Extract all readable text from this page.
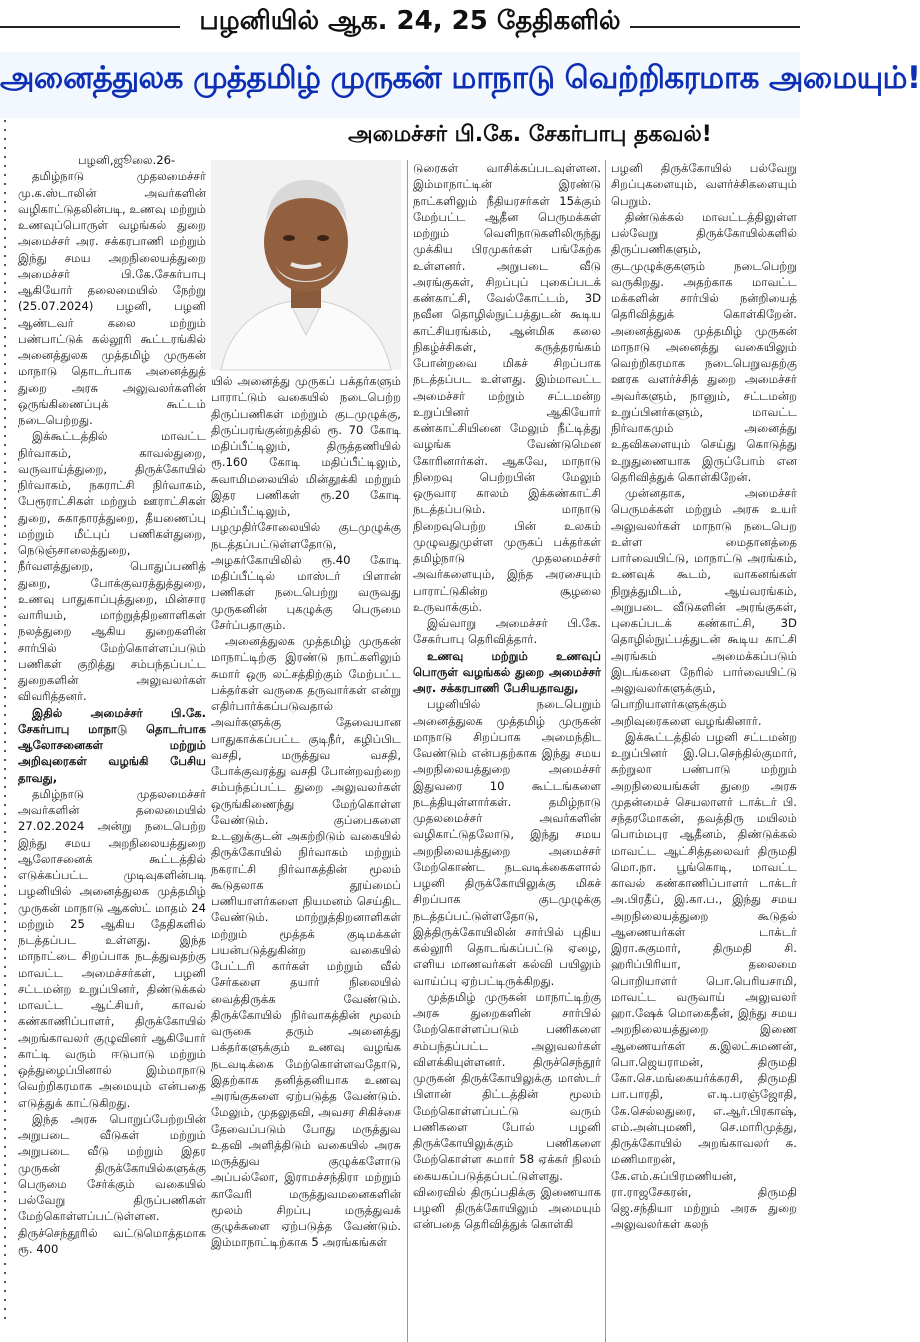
பழனியில் ஆக. 24, 25 தேதிகளில்
அனைத்துலக முத்தமிழ் முருகன் மாநாடு வெற்றிகரமாக அமையும்!
அமைச்சர் பி.கே. சேகர்பாபு தகவல்!

பழனி,ஜூலை.26-

தமிழ்நாடு முதலமைச்சர் மு.க.ஸ்டாலின் அவர்களின் வழிகாட்டுதலின்படி, உணவு மற்றும் உணவுப்பொருள் வழங்கல் துறை அமைச்சர் அர. சக்கரபாணி மற்றும் இந்து சமய அறநிலையத்துறை அமைச்சர் பி.கே.சேகர்பாபு ஆகியோர் தலைமையில் நேற்று (25.07.2024) பழனி, பழனி ஆண்டவர் கலை மற்றும் பண்பாட்டுக் கல்லூரி கூட்டரங்கில் அனைத்துலக முத்தமிழ் முருகன் மாநாடு தொடர்பாக அனைத்துத் துறை அரசு அலுவலர்களின் ஒருங்கிணைப்புக் கூட்டம் நடைபெற்றது.

இக்கூட்டத்தில் மாவட்ட நிர்வாகம், காவல்துறை, வருவாய்த்துறை, திருக்கோயில் நிர்வாகம், நகராட்சி நிர்வாகம், பேரூராட்சிகள் மற்றும் ஊராட்சிகள் துறை, சுகாதாரத்துறை, தீயணைப்பு மற்றும் மீட்புப் பணிகள்துறை, நெடுஞ்சாலைத்துறை, நீர்வளத்துறை, பொதுப்பணித் துறை, போக்குவரத்துத்துறை, உணவு பாதுகாப்புத்துறை, மின்சார வாரியம், மாற்றுத்திறனாளிகள் நலத்துறை ஆகிய துறைகளின் சார்பில் மேற்கொள்ளப்படும் பணிகள் குறித்து சம்பந்தப்பட்ட துறைகளின் அலுவலர்கள் விவரித்தனர்.

இதில் அமைச்சர் பி.கே. சேகர்பாபு மாநாடு தொடர்பாக ஆலோசனைகள் மற்றும் அறிவுரைகள் வழங்கி பேசிய தாவது,

தமிழ்நாடு முதலமைச்சர் அவர்களின் தலைமையில் 27.02.2024 அன்று நடைபெற்ற இந்து சமய அறநிலையத்துறை ஆலோசனைக் கூட்டத்தில் எடுக்கப்பட்ட முடிவுகளின்படி பழனியில் அனைத்துலக முத்தமிழ் முருகன் மாநாடு ஆகஸ்ட் மாதம் 24 மற்றும் 25 ஆகிய தேதிகளில் நடத்தப்பட உள்ளது. இந்த மாநாட்டை சிறப்பாக நடத்துவதற்கு மாவட்ட அமைச்சர்கள், பழனி சட்டமன்ற உறுப்பினர், திண்டுக்கல் மாவட்ட ஆட்சியர், காவல் கண்காணிப்பாளர், திருக்கோயில் அறங்காவலர் குழுவினர் ஆகியோர் காட்டி வரும் ஈடுபாடு மற்றும் ஒத்துழைப்பினால் இம்மாநாடு வெற்றிகரமாக அமையும் என்பதை எடுத்துக் காட்டுகிறது.

இந்த அரசு பொறுப்பேற்றபின் அறுபடை வீடுகள் மற்றும் அறுபடை வீடு மற்றும் இதர முருகன் திருக்கோயில்களுக்கு பெருமை சேர்க்கும் வகையில் பல்வேறு திருப்பணிகள் மேற்கொள்ளப்பட்டுள்ளன. திருச்செந்தூரில் வட்டுமொத்தமாக ரூ. 400

யில் அனைத்து முருகப் பக்தர்களும் பாராட்டும் வகையில் நடைபெற்ற திருப்பணிகள் மற்றும் குடமுழுக்கு, திருப்பரங்குன்றத்தில் ரூ. 70 கோடி மதிப்பீட்டிலும், திருத்தணியில் ரூ.160 கோடி மதிப்பீட்டிலும், சுவாமிமலையில் மின்தூக்கி மற்றும் இதர பணிகள் ரூ.20 கோடி மதிப்பீட்டிலும், பழமுதிர்சோலையில் குடமுழுக்கு நடத்தப்பட்டுள்ளதோடு, அழகர்கோயிலில் ரூ.40 கோடி மதிப்பீட்டில் மாஸ்டர் பிளான் பணிகள் நடைபெற்று வருவது முருகனின் புகழுக்கு பெருமை சேர்ப்பதாகும்.

அனைத்துலக முத்தமிழ் முருகன் மாநாட்டிற்கு இரண்டு நாட்களிலும் சுமார் ஒரு லட்சத்திற்கும் மேற்பட்ட பக்தர்கள் வருகை தருவார்கள் என்று எதிர்பார்க்கப்படுவதால் அவர்களுக்கு தேவையான பாதுகாக்கப்பட்ட குடிநீர், கழிப்பிட வசதி, மருத்துவ வசதி, போக்குவரத்து வசதி போன்றவற்றை சம்பந்தப்பட்ட துறை அலுவலர்கள் ஒருங்கிணைந்து மேற்கொள்ள வேண்டும். குப்பைகளை உடனுக்குடன் அகற்றிடும் வகையில் திருக்கோயில் நிர்வாகம் மற்றும் நகராட்சி நிர்வாகத்தின் மூலம் கூடுதலாக தூய்மைப் பணியாளர்களை நியமனம் செய்திட வேண்டும். மாற்றுத்திறனாளிகள் மற்றும் மூத்தக் குடிமக்கள் பயன்படுத்துகின்ற வகையில் பேட்டரி கார்கள் மற்றும் வீல் சேர்களை தயார் நிலையில் வைத்திருக்க வேண்டும். திருக்கோயில் நிர்வாகத்தின் மூலம் வருகை தரும் அனைத்து பக்தர்களுக்கும் உணவு வழங்க நடவடிக்கை மேற்கொள்ளவதோடு, இதற்காக தனித்தனியாக உணவு அரங்குகளை ஏற்படுத்த வேண்டும். மேலும், முதலுதவி, அவசர சிகிச்சை தேவைப்படும் போது மருத்துவ உதவி அளித்திடும் வகையில் அரசு மருத்துவ குழுக்களோடு அப்பல்லோ, இராமச்சந்திரா மற்றும் காவேரி மருத்துவமனைகளின் மூலம் சிறப்பு மருத்துவக் குழுக்களை ஏற்படுத்த வேண்டும். இம்மாநாட்டிற்காக 5 அரங்கங்கள்

டுரைகள் வாசிக்கப்படவுள்ளன. இம்மாநாட்டின் இரண்டு நாட்களிலும் நீதியரசர்கள் 15க்கும் மேற்பட்ட ஆதீன பெருமக்கள் மற்றும் வெளிநாடுகளிலிருந்து முக்கிய பிரமுகர்கள் பங்கேற்க உள்ளனர். அறுபடை வீடு அரங்குகள், சிறப்புப் புகைப்படக் கண்காட்சி, வேல்கோட்டம், 3D நவீன தொழில்நுட்பத்துடன் கூடிய காட்சியரங்கம், ஆன்மிக கலை நிகழ்ச்சிகள், கருத்தரங்கம் போன்றவை மிகச் சிறப்பாக நடத்தப்பட உள்ளது. இம்மாவட்ட அமைச்சர் மற்றும் சட்டமன்ற உறுப்பினர் ஆகியோர் கண்காட்சியினை மேலும் நீட்டித்து வழங்க வேண்டுமென கோரினார்கள். ஆகவே, மாநாடு நிறைவு பெற்றபின் மேலும் ஒருவார காலம் இக்கண்காட்சி நடத்தப்படும். மாநாடு நிறைவுபெற்ற பின் உலகம் முழுவதுமுள்ள முருகப் பக்தர்கள் தமிழ்நாடு முதலமைச்சர் அவர்களையும், இந்த அரசையும் பாராட்டுகின்ற சூழலை உருவாக்கும்.

இவ்வாறு அமைச்சர் பி.கே. சேகர்பாபு தெரிவித்தார்.

உணவு மற்றும் உணவுப் பொருள் வழங்கல் துறை அமைச்சர் அர. சக்கரபாணி பேசியதாவது,

பழனியில் நடைபெறும் அனைத்துலக முத்தமிழ் முருகன் மாநாடு சிறப்பாக அமைந்திட வேண்டும் என்பதற்காக இந்து சமய அறநிலையத்துறை அமைச்சர் இதுவரை 10 கூட்டங்களை நடத்தியுள்ளார்கள். தமிழ்நாடு முதலமைச்சர் அவர்களின் வழிகாட்டுதலோடு, இந்து சமய அறநிலையத்துறை அமைச்சர் மேற்கொண்ட நடவடிக்கைகளால் பழனி திருக்கோயிலுக்கு மிகச் சிறப்பாக குடமுழுக்கு நடத்தப்பட்டுள்ளதோடு, இத்திருக்கோயிலின் சார்பில் புதிய கல்லூரி தொடங்கப்பட்டு ஏழை, எளிய மாணவர்கள் கல்வி பயிலும் வாய்ப்பு ஏற்பட்டிருக்கிறது.

முத்தமிழ் முருகன் மாநாட்டிற்கு அரசு துறைகளின் சார்பில் மேற்கொள்ளப்படும் பணிகளை சம்பந்தப்பட்ட அலுவலர்கள் விளக்கியுள்ளனர். திருச்செந்தூர் முருகன் திருக்கோயிலுக்கு மாஸ்டர் பிளான் திட்டத்தின் மூலம் மேற்கொள்ளப்பட்டு வரும் பணிகளை போல் பழனி திருக்கோயிலுக்கும் பணிகளை மேற்கொள்ள சுமார் 58 ஏக்கர் நிலம் கையகப்படுத்தப்பட்டுள்ளது. விரைவில் திருப்பதிக்கு இணையாக பழனி திருக்கோயிலும் அமையும் என்பதை தெரிவித்துக் கொள்கி

பழனி திருக்கோயில் பல்வேறு சிறப்புகளையும், வளர்ச்சிகளையும் பெறும்.

திண்டுக்கல் மாவட்டத்திலுள்ள பல்வேறு திருக்கோயில்களில் திருப்பணிகளும், குடமுழுக்குகளும் நடைபெற்று வருகிறது. அதற்காக மாவட்ட மக்களின் சார்பில் நன்றியைத் தெரிவித்துக் கொள்கிறேன். அனைத்துலக முத்தமிழ் முருகன் மாநாடு அனைத்து வகையிலும் வெற்றிகரமாக நடைபெறுவதற்கு ஊரக வளர்ச்சித் துறை அமைச்சர் அவர்களும், நானும், சட்டமன்ற உறுப்பினர்களும், மாவட்ட நிர்வாகமும் அனைத்து உதவிகளையும் செய்து கொடுத்து உறுதுணையாக இருப்போம் என தெரிவித்துக் கொள்கிறேன்.

முன்னதாக, அமைச்சர் பெருமக்கள் மற்றும் அரசு உயர் அலுவலர்கள் மாநாடு நடைபெற உள்ள மைதானத்தை பார்வையிட்டு, மாநாட்டு அரங்கம், உணவுக் கூடம், வாகனங்கள் நிறுத்துமிடம், ஆய்வரங்கம், அறுபடை வீடுகளின் அரங்குகள், புகைப்படக் கண்காட்சி, 3D தொழில்நுட்பத்துடன் கூடிய காட்சி அரங்கம் அமைக்கப்படும் இடங்களை நேரில் பார்வையிட்டு அலுவலர்களுக்கும், பொறியாளர்களுக்கும் அறிவுரைகளை வழங்கினார்.

இக்கூட்டத்தில் பழனி சட்டமன்ற உறுப்பினர் இ.பெ.செந்தில்குமார், சுற்றுலா பண்பாடு மற்றும் அறநிலையங்கள் துறை அரசு முதன்மைச் செயலாளர் டாக்டர் பி. சந்தரமோகன், தவத்திரு மயிலம் பொம்மபுர ஆதீனம், திண்டுக்கல் மாவட்ட ஆட்சித்தலைவர் திருமதி மொ.நா. பூங்கொடி, மாவட்ட காவல் கண்காணிப்பாளர் டாக்டர் அ.பிரதீப், இ.கா.ப., இந்து சமய அறநிலையத்துறை கூடுதல் ஆணையர்கள் டாக்டர் இரா.சுகுமார், திருமதி சி. ஹரிப்பிரியா, தலைமை பொறியாளர் பொ.பெரியசாமி, மாவட்ட வருவாய் அலுவலர் ஹா.ஷேக் மொகைதீன், இந்து சமய அறநிலையத்துறை இணை ஆணையர்கள் க.இலட்சுமணன், பொ.ஜெயராமன், திருமதி கோ.செ.மங்கையர்க்கரசி, திருமதி பா.பாரதி, எ.டி.பரஞ்ஜோதி, கே.செல்லதுரை, எ.ஆர்.பிரகாஷ், எம்.அன்புமணி, செ.மாரிமுத்து, திருக்கோயில் அறங்காவலர் சு. மணிமாறன், கே.எம்.சுப்பிரமணியன், ரா.ராஜசேகரன், திருமதி ஜெ.சந்தியா மற்றும் அரசு துறை அலுவலர்கள் கலந்
